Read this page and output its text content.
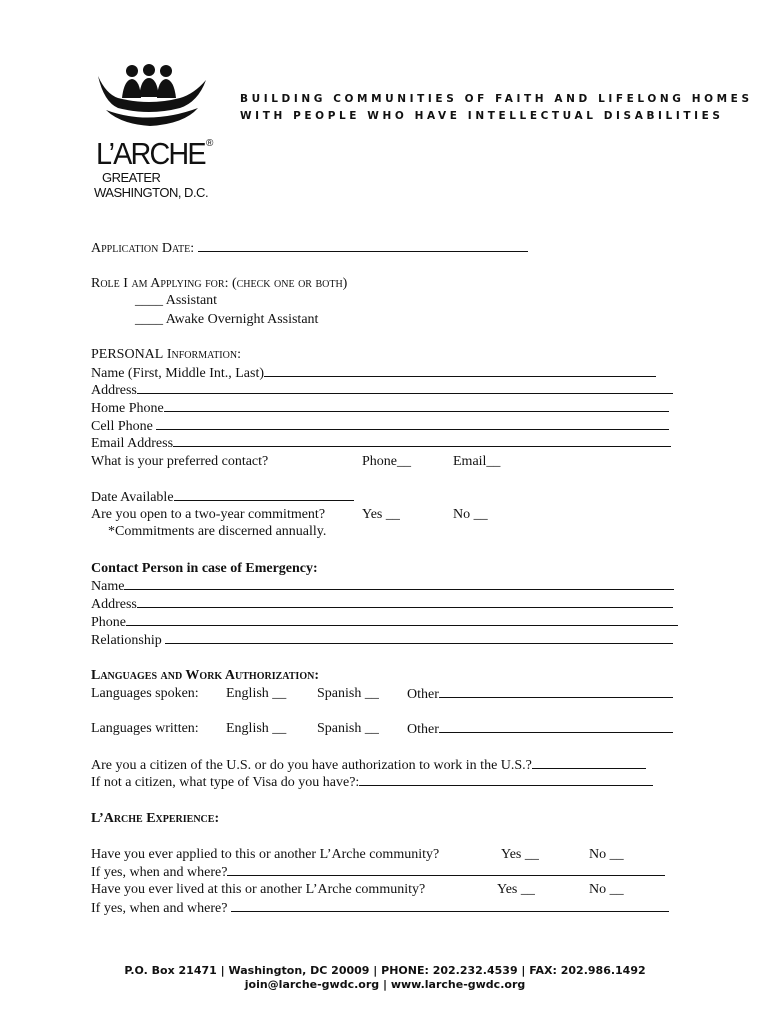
L’ARCHE ®
GREATER
WASHINGTON, D.C.
BUILDING COMMUNITIES OF FAITH AND LIFELONG HOMES
WITH PEOPLE WHO HAVE INTELLECTUAL DISABILITIES
Application Date:
Role I am Applying for: (check one or both)
____ Assistant
____ Awake Overnight Assistant
PERSONAL Information:
Name (First, Middle Int., Last)
Address
Home Phone
Cell Phone
Email Address
What is your preferred contact?	Phone__	Email__
Date Available
Are you open to a two-year commitment?	Yes __	No __
*Commitments are discerned annually.
Contact Person in case of Emergency:
Name
Address
Phone
Relationship
Languages and Work Authorization:
Languages spoken: English __ Spanish __ Other
Languages written: English __ Spanish __ Other
Are you a citizen of the U.S. or do you have authorization to work in the U.S.?
If not a citizen, what type of Visa do you have?:
L’Arche Experience:
Have you ever applied to this or another L’Arche community?	Yes __	No __
If yes, when and where?
Have you ever lived at this or another L’Arche community?	Yes __	No __
If yes, when and where?
P.O. Box 21471 | Washington, DC 20009 | PHONE: 202.232.4539 | FAX: 202.986.1492
join@larche-gwdc.org | www.larche-gwdc.org
